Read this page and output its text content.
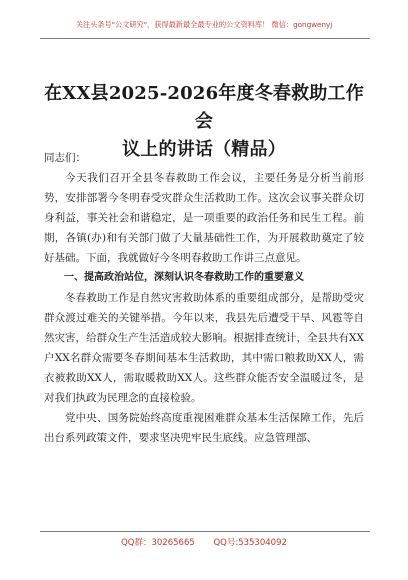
关注头条号"公文研究"，获得最新最全最专业的公文资料库！ 微信：gongwenyj
在XX县2025-2026年度冬春救助工作会
议上的讲话（精品）

同志们：

今天我们召开全县冬春救助工作会议，主要任务是分析当前形势，安排部署今冬明春受灾群众生活救助工作。这次会议事关群众切身利益，事关社会和谐稳定，是一项重要的政治任务和民生工程。前期，各镇(办)和有关部门做了大量基础性工作，为开展救助奠定了较好基础。下面，我就做好今冬明春救助工作讲三点意见。

一、提高政治站位，深刻认识冬春救助工作的重要意义

冬春救助工作是自然灾害救助体系的重要组成部分，是帮助受灾群众渡过难关的关键举措。今年以来，我县先后遭受干旱、风雹等自然灾害，给群众生产生活造成较大影响。根据排查统计，全县共有XX户XX名群众需要冬春期间基本生活救助，其中需口粮救助XX人，需衣被救助XX人，需取暖救助XX人。这些群众能否安全温暖过冬，是对我们执政为民理念的直接检验。

党中央、国务院始终高度重视困难群众基本生活保障工作，先后出台系列政策文件，要求坚决兜牢民生底线。应急管理部、

QQ群：30265665 QQ号:535304092
